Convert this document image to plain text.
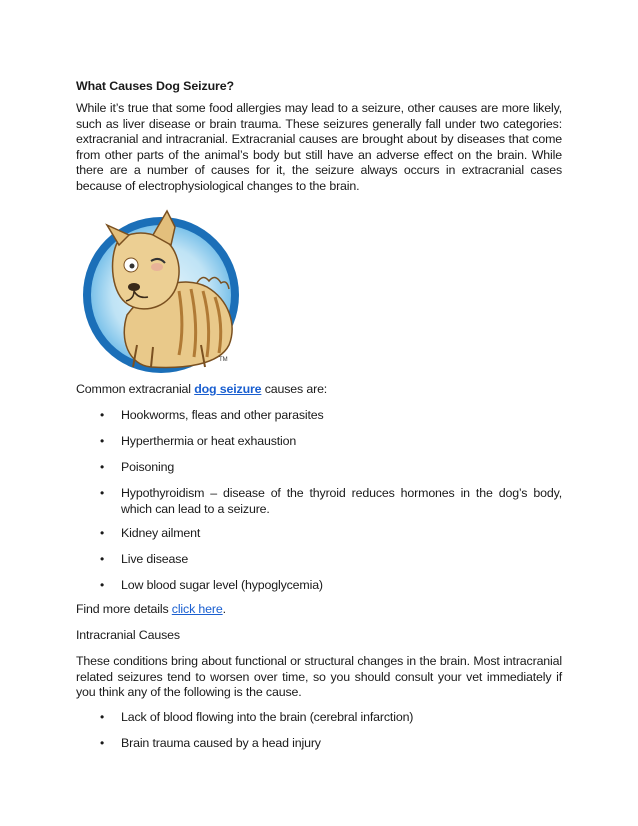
What Causes Dog Seizure?
While it’s true that some food allergies may lead to a seizure, other causes are more likely, such as liver disease or brain trauma. These seizures generally fall under two categories: extracranial and intracranial. Extracranial causes are brought about by diseases that come from other parts of the animal’s body but still have an adverse effect on the brain. While there are a number of causes for it, the seizure always occurs in extracranial cases because of electrophysiological changes to the brain.
TM
Common extracranial dog seizure causes are:
•	Hookworms, fleas and other parasites
•	Hyperthermia or heat exhaustion
•	Poisoning
•	Hypothyroidism – disease of the thyroid reduces hormones in the dog’s body, which can lead to a seizure.
•	Kidney ailment
•	Live disease
•	Low blood sugar level (hypoglycemia)
Find more details click here.
Intracranial Causes
These conditions bring about functional or structural changes in the brain. Most intracranial related seizures tend to worsen over time, so you should consult your vet immediately if you think any of the following is the cause.
•	Lack of blood flowing into the brain (cerebral infarction)
•	Brain trauma caused by a head injury
